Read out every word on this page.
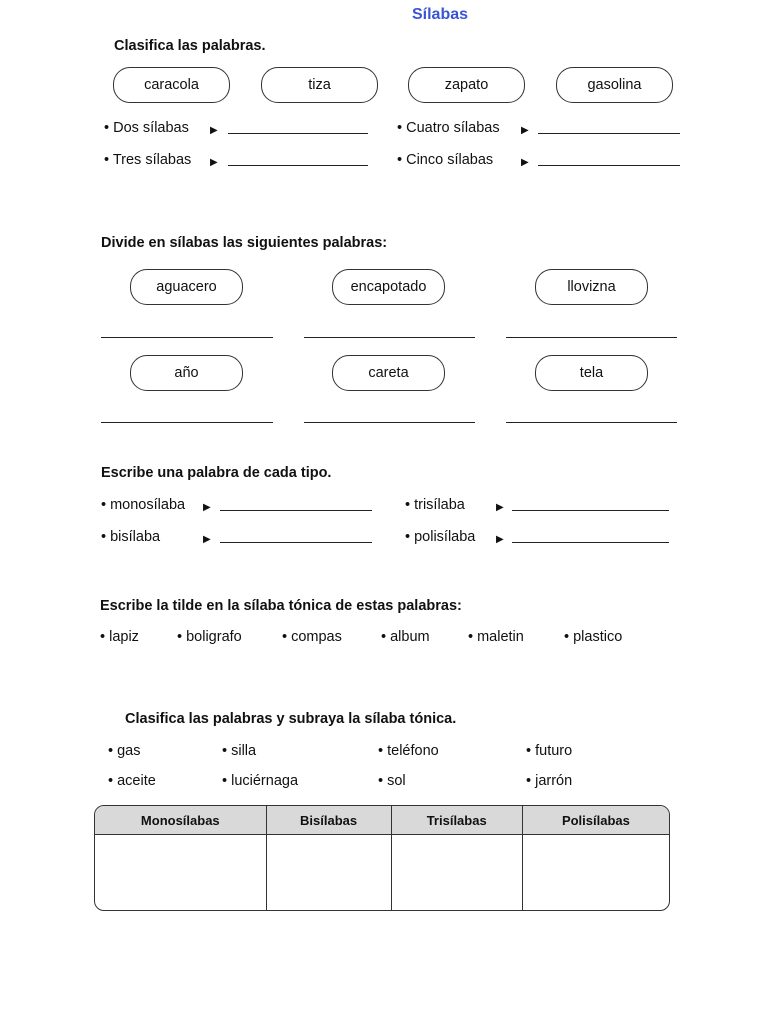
Sílabas
Clasifica las palabras.
caracola	tiza	zapato	gasolina
• Dos sílabas ▶
• Tres sílabas ▶
• Cuatro sílabas ▶
• Cinco sílabas	▶
Divide en sílabas las siguientes palabras:
aguacero	encapotado	llovizna
año	careta	tela
Escribe una palabra de cada tipo.
• monosílaba ▶
• bisílaba	▶
• trisílaba	▶
• polisílaba ▶
Escribe la tilde en la sílaba tónica de estas palabras:
• lapiz	• boligrafo	• compas	• album	• maletin	• plastico
Clasifica las palabras y subraya la sílaba tónica.
• gas	• silla	• teléfono	• futuro
• aceite	• luciérnaga	• sol	• jarrón
Monosílabas	Bisílabas	Trisílabas	Polisílabas
